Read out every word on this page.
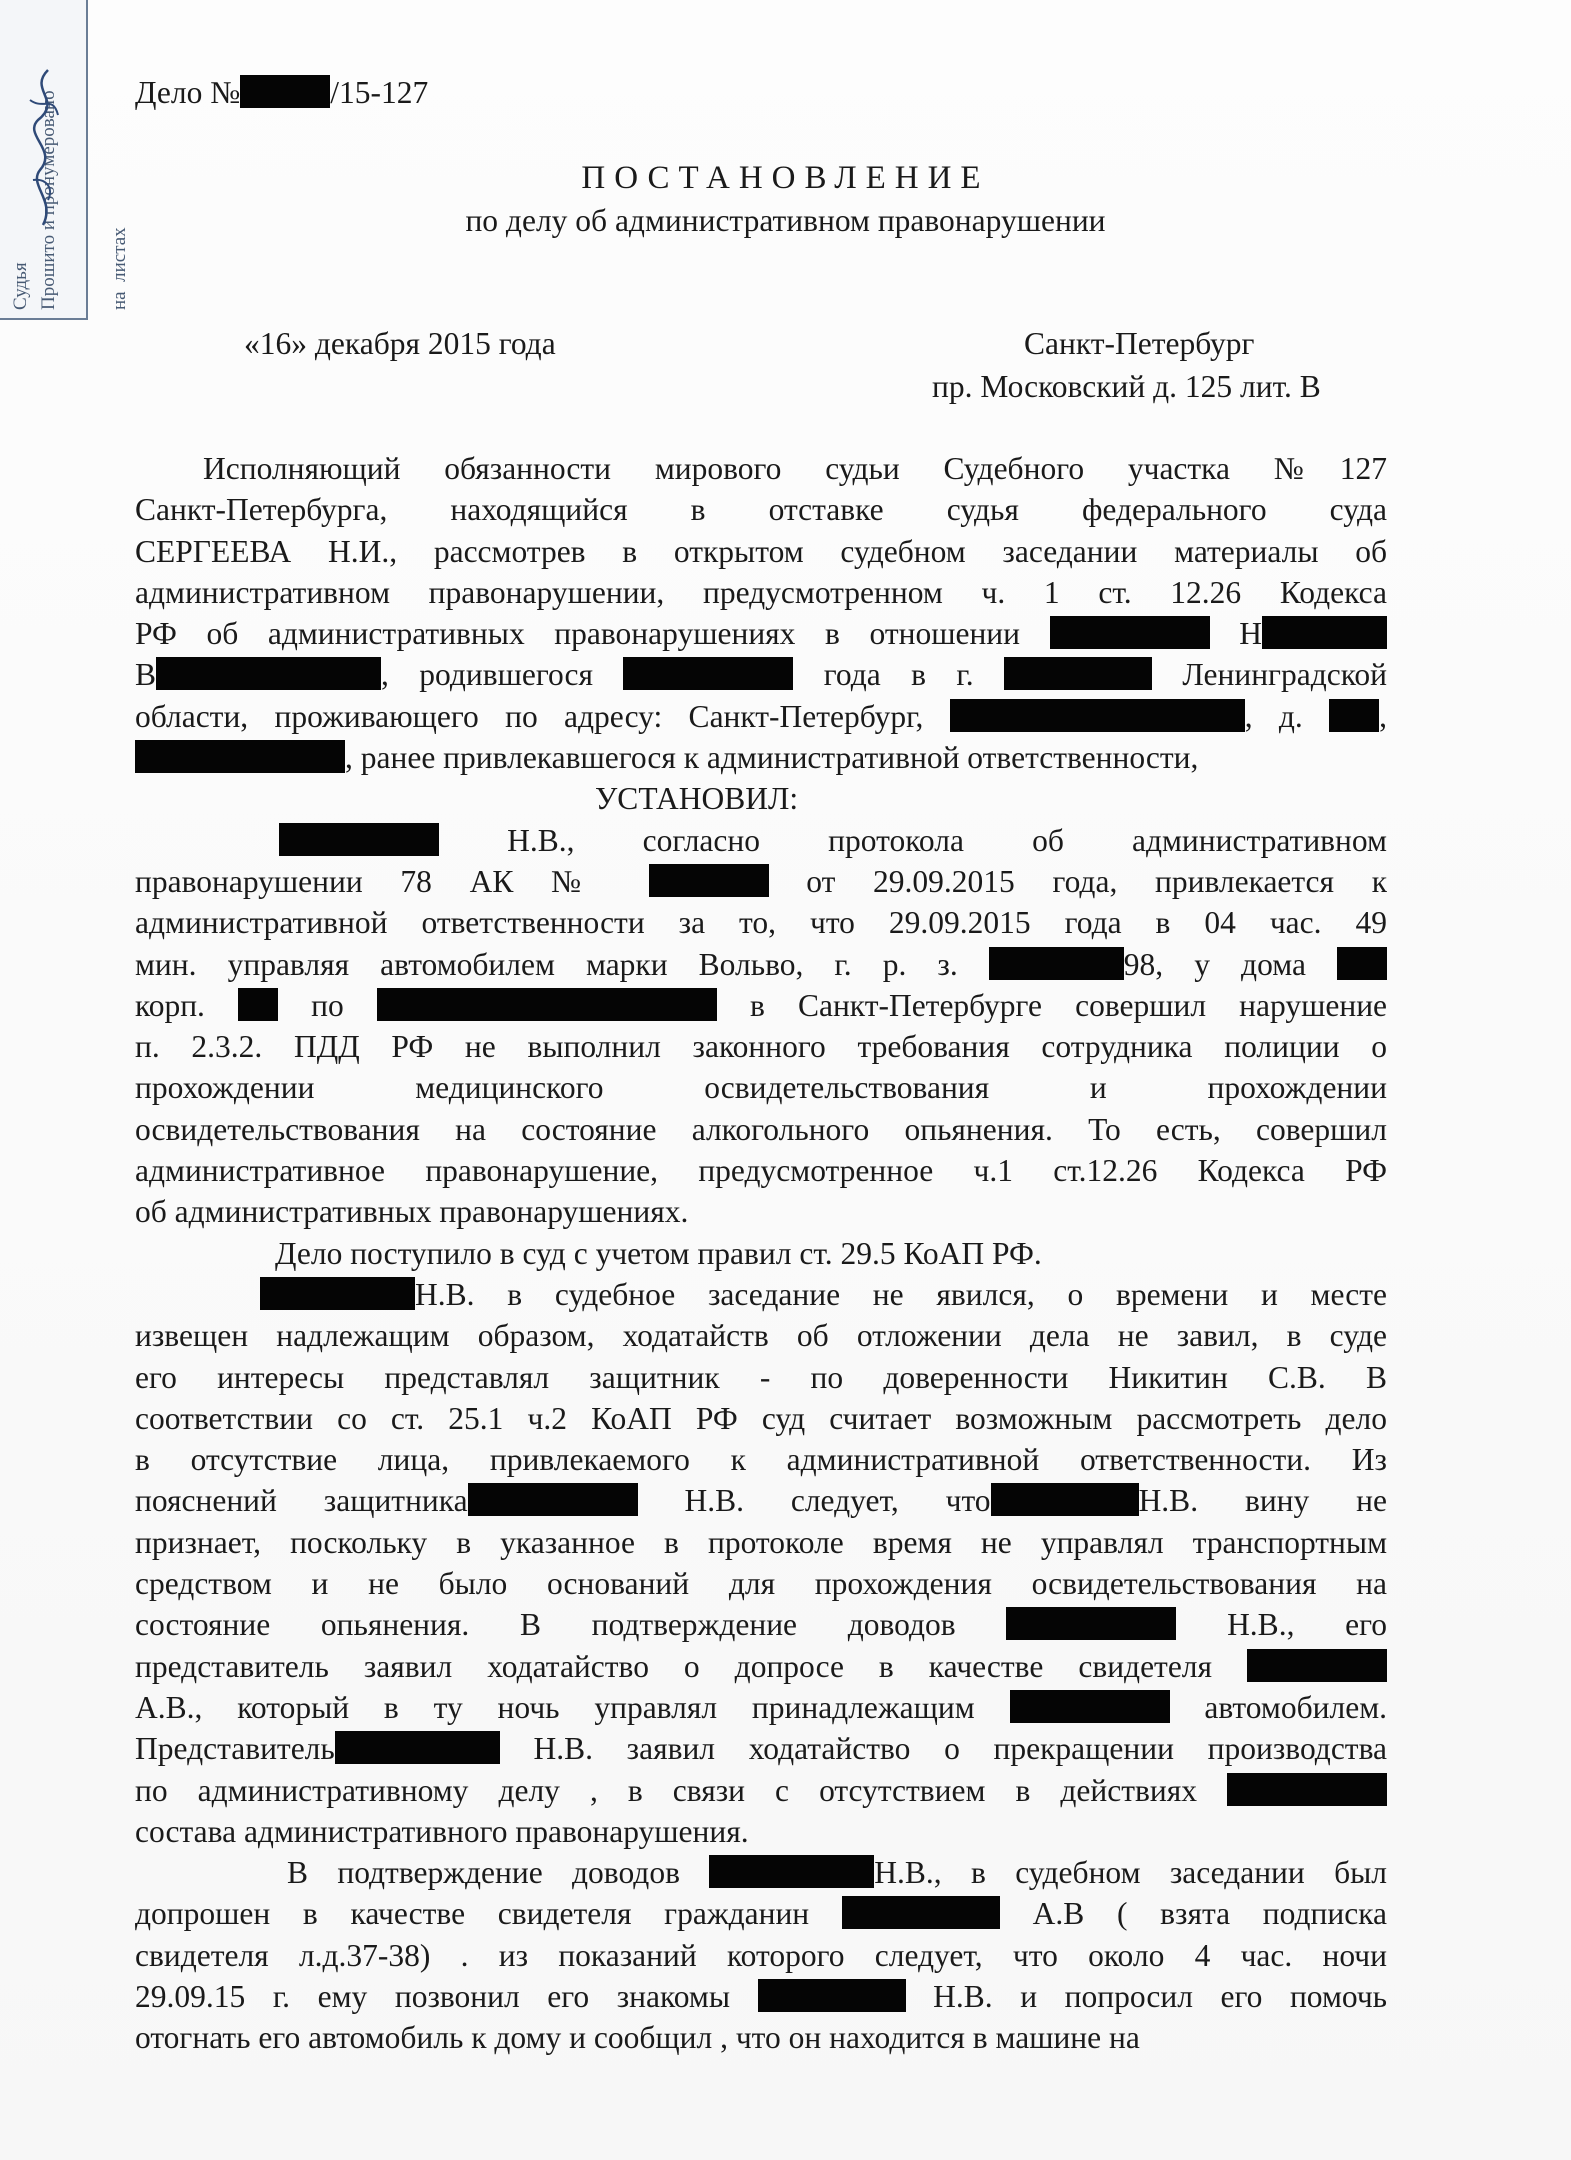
Прошито и пронумеровано	на  листах
Судья
Дело №	/15-127
ПОСТАНОВЛЕНИЕ
по делу об административном правонарушении
«16» декабря 2015 года	Санкт-Петербург
пр. Московский д. 125 лит. В
Исполняющий обязанности мирового судьи Судебного участка №127
Санкт-Петербурга, находящийся в отставке судья федерального суда
СЕРГЕЕВА Н.И., рассмотрев в открытом судебном заседании материалы об
административном правонарушении, предусмотренном ч. 1 ст. 12.26 Кодекса
РФ об административных правонарушениях в отношении	Н
В	, родившегося	года в г.	Ленинградской
области, проживающего по адресу: Санкт-Петербург,	, д. ,
, ранее привлекавшегося к административной ответственности,
УСТАНОВИЛ:
Н.В., согласно протокола об административном
правонарушении 78 АК №	от 29.09.2015 года, привлекается к
административной ответственности за то, что 29.09.2015 года в 04 час. 49
мин. управляя автомобилем марки Вольво, г. р. з.	98, у дома
корп.	по	в Санкт-Петербурге совершил нарушение
п. 2.3.2. ПДД РФ не выполнил законного требования сотрудника полиции о
прохождении медицинского освидетельствования и прохождении
освидетельствования на состояние алкогольного опьянения. То есть, совершил
административное правонарушение, предусмотренное ч.1 ст.12.26 Кодекса РФ
об административных правонарушениях.
Дело поступило в суд с учетом правил ст. 29.5 КоАП РФ.
Н.В. в судебное заседание не явился, о времени и месте
извещен надлежащим образом, ходатайств об отложении дела не завил, в суде
его интересы представлял защитник - по доверенности Никитин С.В. В
соответствии со ст. 25.1 ч.2 КоАП РФ суд считает возможным рассмотреть дело
в отсутствие лица, привлекаемого к административной ответственности. Из
пояснений защитника	Н.В. следует, что	Н.В. вину не
признает, поскольку в указанное в протоколе время не управлял транспортным
средством и не было оснований для прохождения освидетельствования на
состояние опьянения. В подтверждение доводов	Н.В., его
представитель заявил ходатайство о допросе в качестве свидетеля
А.В., который в ту ночь управлял принадлежащим	автомобилем.
Представитель	Н.В. заявил ходатайство о прекращении производства
по административному делу , в связи с отсутствием в действиях
состава административного правонарушения.
В подтверждение доводов	Н.В., в судебном заседании был
допрошен в качестве свидетеля гражданин	А.В ( взята подписка
свидетеля л.д.37-38) . из показаний которого следует, что около 4 час. ночи
29.09.15 г. ему позвонил его знакомы	Н.В. и попросил его помочь
отогнать его автомобиль к дому и сообщил , что он находится в машине на
